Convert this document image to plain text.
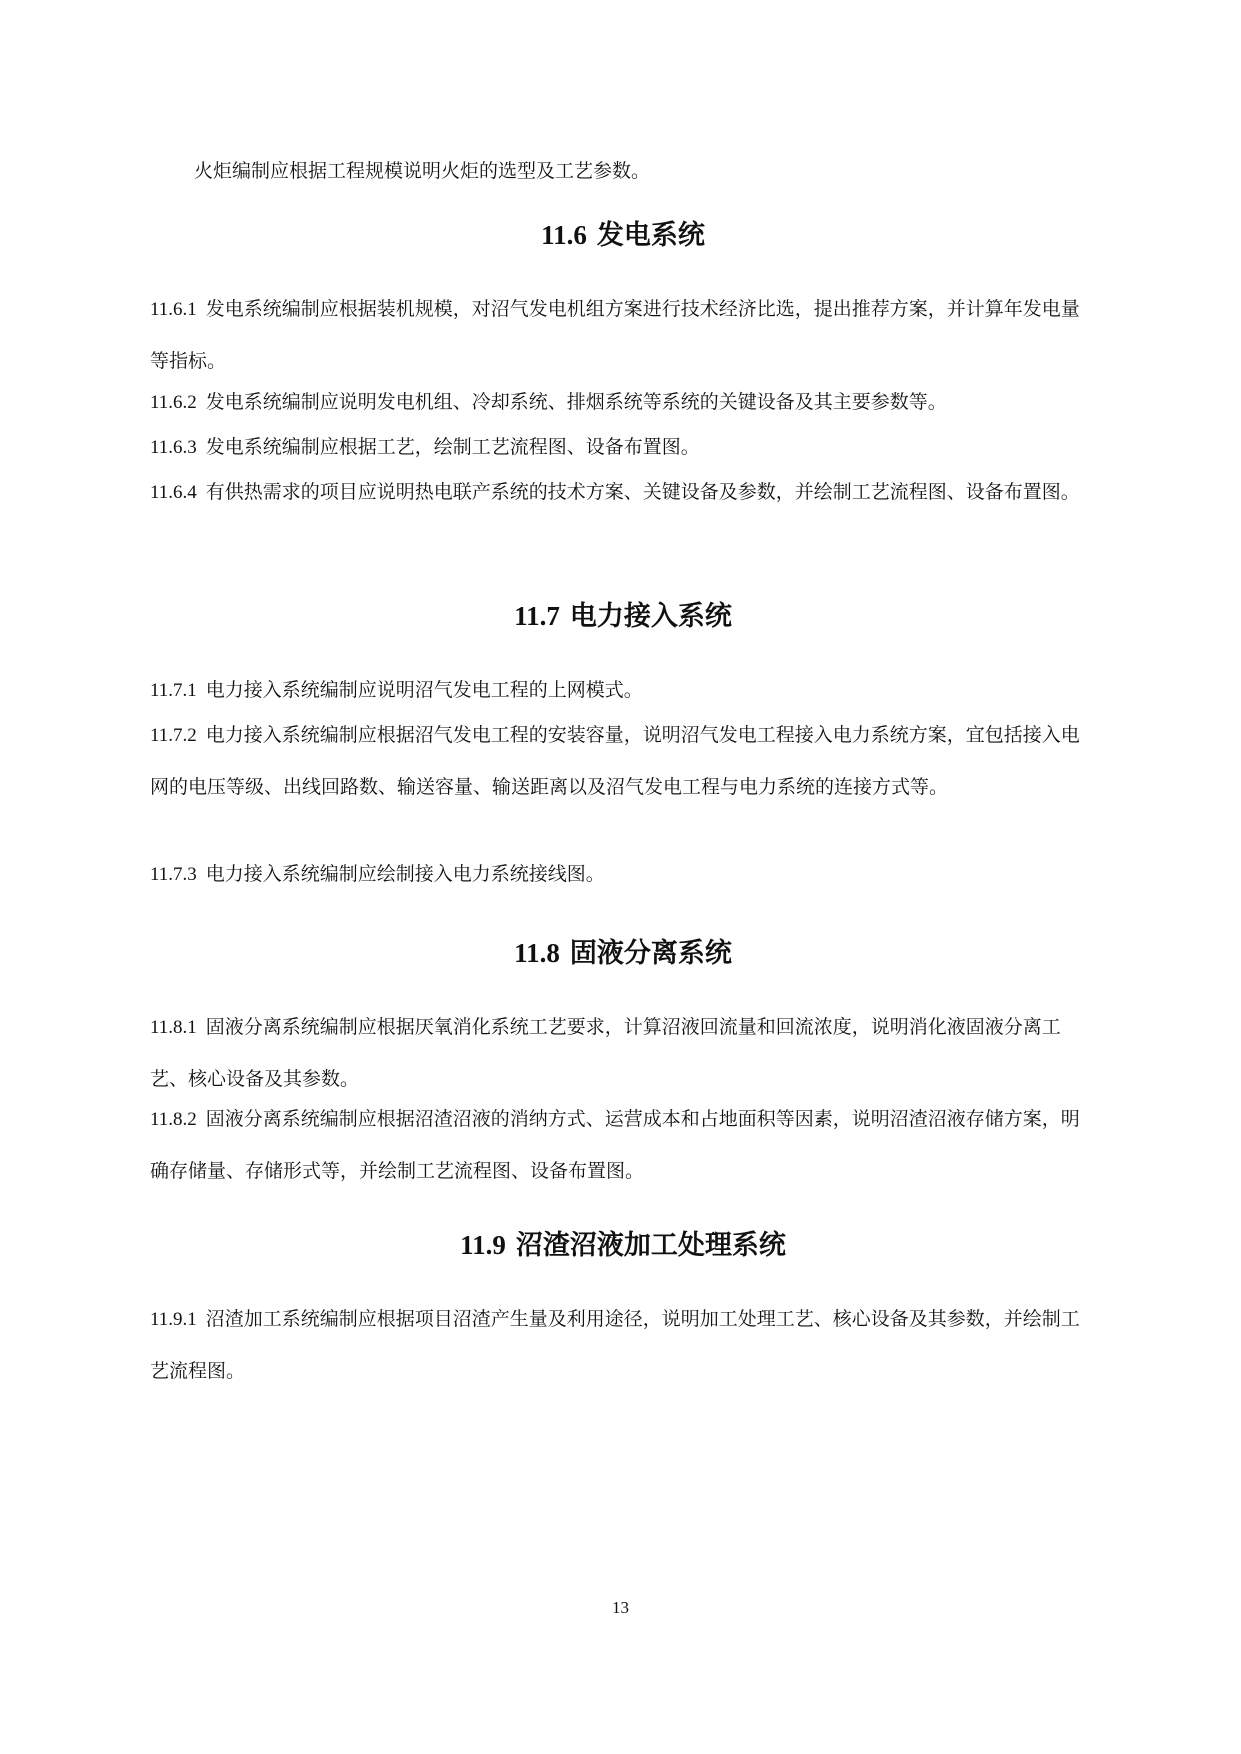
火炬编制应根据工程规模说明火炬的选型及工艺参数。

11.6 发电系统

11.6.1 发电系统编制应根据装机规模，对沼气发电机组方案进行技术经济比选，提出推荐方案，并计算年发电量等指标。

11.6.2 发电系统编制应说明发电机组、冷却系统、排烟系统等系统的关键设备及其主要参数等。

11.6.3 发电系统编制应根据工艺，绘制工艺流程图、设备布置图。

11.6.4 有供热需求的项目应说明热电联产系统的技术方案、关键设备及参数，并绘制工艺流程图、设备布置图。

11.7 电力接入系统

11.7.1 电力接入系统编制应说明沼气发电工程的上网模式。

11.7.2 电力接入系统编制应根据沼气发电工程的安装容量，说明沼气发电工程接入电力系统方案，宜包括接入电网的电压等级、出线回路数、输送容量、输送距离以及沼气发电工程与电力系统的连接方式等。

11.7.3 电力接入系统编制应绘制接入电力系统接线图。

11.8 固液分离系统

11.8.1 固液分离系统编制应根据厌氧消化系统工艺要求，计算沼液回流量和回流浓度，说明消化液固液分离工艺、核心设备及其参数。

11.8.2 固液分离系统编制应根据沼渣沼液的消纳方式、运营成本和占地面积等因素，说明沼渣沼液存储方案，明确存储量、存储形式等，并绘制工艺流程图、设备布置图。

11.9 沼渣沼液加工处理系统

11.9.1 沼渣加工系统编制应根据项目沼渣产生量及利用途径，说明加工处理工艺、核心设备及其参数，并绘制工艺流程图。

13
